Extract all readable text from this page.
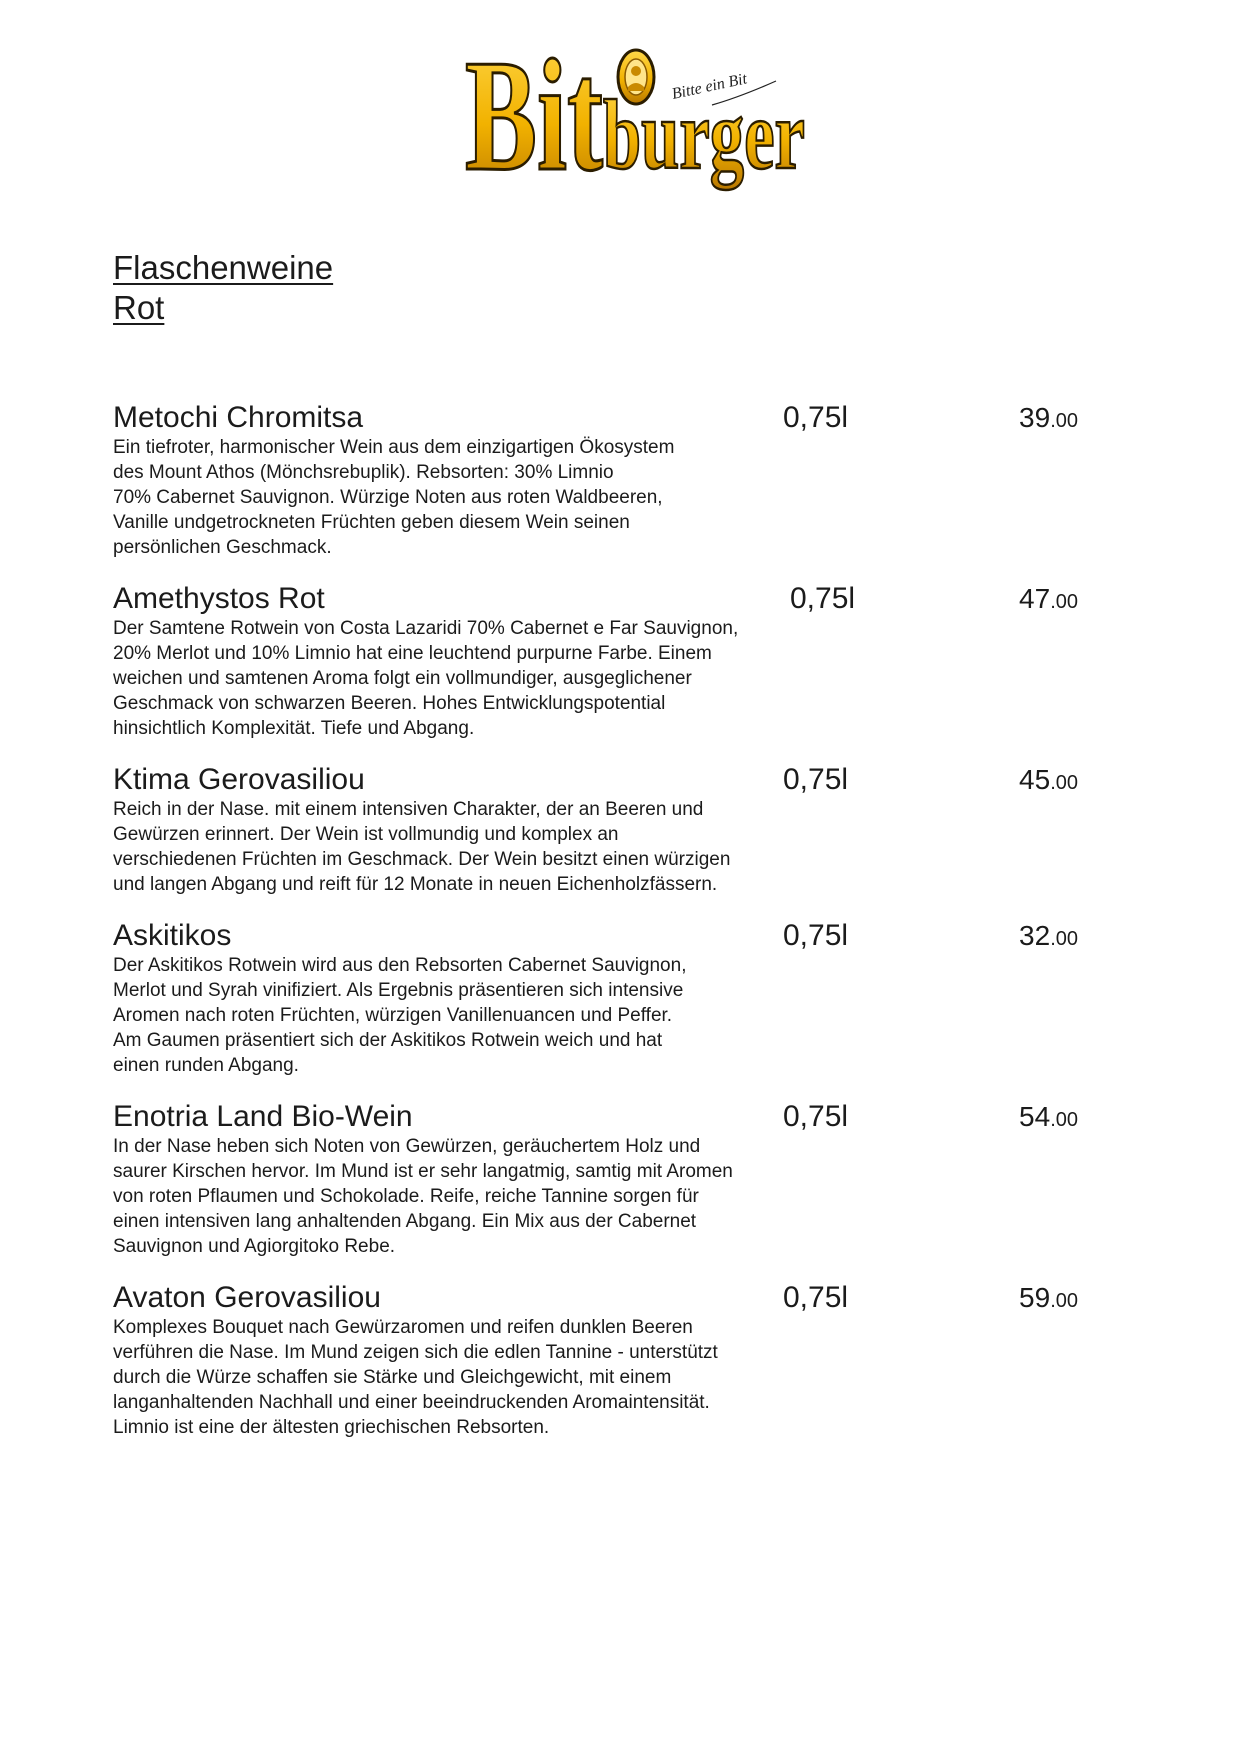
Bit burger
Bitte ein Bit
Flaschenweine
Rot
Metochi Chromitsa	0,75l	39.00
Ein tiefroter, harmonischer Wein aus dem einzigartigen Ökosystem
des Mount Athos (Mönchsrebuplik). Rebsorten: 30% Limnio
70% Cabernet Sauvignon. Würzige Noten aus roten Waldbeeren,
Vanille undgetrockneten Früchten geben diesem Wein seinen
persönlichen Geschmack.
Amethystos Rot	0,75l	47.00
Der Samtene Rotwein von Costa Lazaridi 70% Cabernet e Far Sauvignon,
20% Merlot und 10% Limnio hat eine leuchtend purpurne Farbe. Einem
weichen und samtenen Aroma folgt ein vollmundiger, ausgeglichener
Geschmack von schwarzen Beeren. Hohes Entwicklungspotential
hinsichtlich Komplexität. Tiefe und Abgang.
Ktima Gerovasiliou	0,75l	45.00
Reich in der Nase. mit einem intensiven Charakter, der an Beeren und
Gewürzen erinnert. Der Wein ist vollmundig und komplex an
verschiedenen Früchten im Geschmack. Der Wein besitzt einen würzigen
und langen Abgang und reift für 12 Monate in neuen Eichenholzfässern.
Askitikos	0,75l	32.00
Der Askitikos Rotwein wird aus den Rebsorten Cabernet Sauvignon,
Merlot und Syrah vinifiziert. Als Ergebnis präsentieren sich intensive
Aromen nach roten Früchten, würzigen Vanillenuancen und Peffer.
Am Gaumen präsentiert sich der Askitikos Rotwein weich und hat
einen runden Abgang.
Enotria Land Bio-Wein	0,75l	54.00
In der Nase heben sich Noten von Gewürzen, geräuchertem Holz und
saurer Kirschen hervor. Im Mund ist er sehr langatmig, samtig mit Aromen
von roten Pflaumen und Schokolade. Reife, reiche Tannine sorgen für
einen intensiven lang anhaltenden Abgang. Ein Mix aus der Cabernet
Sauvignon und Agiorgitoko Rebe.
Avaton Gerovasiliou	0,75l	59.00
Komplexes Bouquet nach Gewürzaromen und reifen dunklen Beeren
verführen die Nase. Im Mund zeigen sich die edlen Tannine - unterstützt
durch die Würze schaffen sie Stärke und Gleichgewicht, mit einem
langanhaltenden Nachhall und einer beeindruckenden Aromaintensität.
Limnio ist eine der ältesten griechischen Rebsorten.
